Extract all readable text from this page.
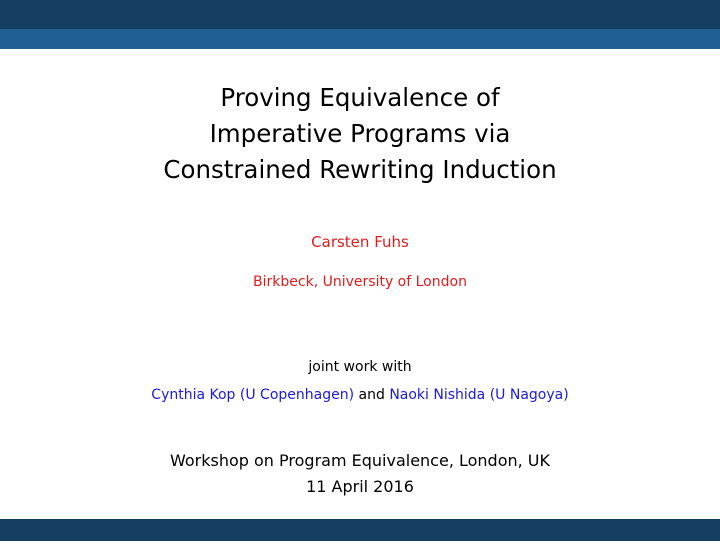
Proving Equivalence of
Imperative Programs via
Constrained Rewriting Induction
Carsten Fuhs
Birkbeck, University of London
joint work with
Cynthia Kop (U Copenhagen) and Naoki Nishida (U Nagoya)
Workshop on Program Equivalence, London, UK
11 April 2016
